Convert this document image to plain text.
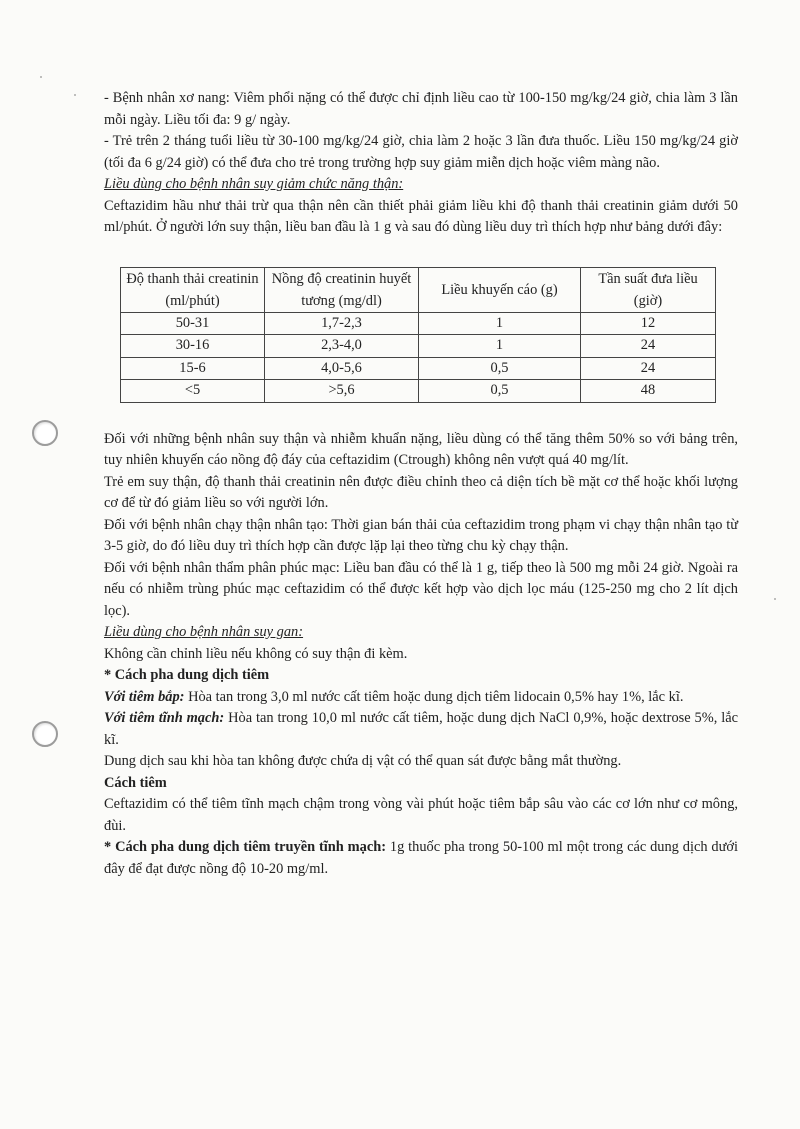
- Bệnh nhân xơ nang: Viêm phổi nặng có thể được chỉ định liều cao từ 100-150 mg/kg/24 giờ, chia làm 3 lần mỗi ngày. Liều tối đa: 9 g/ ngày.

- Trẻ trên 2 tháng tuổi liều từ 30-100 mg/kg/24 giờ, chia làm 2 hoặc 3 lần đưa thuốc. Liều 150 mg/kg/24 giờ (tối đa 6 g/24 giờ) có thể đưa cho trẻ trong trường hợp suy giảm miễn dịch hoặc viêm màng não.

Liều dùng cho bệnh nhân suy giảm chức năng thận:

Ceftazidim hầu như thải trừ qua thận nên cần thiết phải giảm liều khi độ thanh thải creatinin giảm dưới 50 ml/phút. Ở người lớn suy thận, liều ban đầu là 1 g và sau đó dùng liều duy trì thích hợp như bảng dưới đây:

Độ thanh thải creatinin (ml/phút)	Nồng độ creatinin huyết tương (mg/dl)	Liều khuyến cáo (g)	Tần suất đưa liều (giờ)
50-31	1,7-2,3	1	12
30-16	2,3-4,0	1	24
15-6	4,0-5,6	0,5	24
<5	>5,6	0,5	48

Đối với những bệnh nhân suy thận và nhiễm khuẩn nặng, liều dùng có thể tăng thêm 50% so với bảng trên, tuy nhiên khuyến cáo nồng độ đáy của ceftazidim (Ctrough) không nên vượt quá 40 mg/lít.

Trẻ em suy thận, độ thanh thải creatinin nên được điều chỉnh theo cả diện tích bề mặt cơ thể hoặc khối lượng cơ để từ đó giảm liều so với người lớn.

Đối với bệnh nhân chạy thận nhân tạo: Thời gian bán thải của ceftazidim trong phạm vi chạy thận nhân tạo từ 3-5 giờ, do đó liều duy trì thích hợp cần được lặp lại theo từng chu kỳ chạy thận.

Đối với bệnh nhân thẩm phân phúc mạc: Liều ban đầu có thể là 1 g, tiếp theo là 500 mg mỗi 24 giờ. Ngoài ra nếu có nhiễm trùng phúc mạc ceftazidim có thể được kết hợp vào dịch lọc máu (125-250 mg cho 2 lít dịch lọc).

Liều dùng cho bệnh nhân suy gan:

Không cần chỉnh liều nếu không có suy thận đi kèm.

* Cách pha dung dịch tiêm

Với tiêm bắp: Hòa tan trong 3,0 ml nước cất tiêm hoặc dung dịch tiêm lidocain 0,5% hay 1%, lắc kĩ.

Với tiêm tĩnh mạch: Hòa tan trong 10,0 ml nước cất tiêm, hoặc dung dịch NaCl 0,9%, hoặc dextrose 5%, lắc kĩ.

Dung dịch sau khi hòa tan không được chứa dị vật có thể quan sát được bằng mắt thường.

Cách tiêm

Ceftazidim có thể tiêm tĩnh mạch chậm trong vòng vài phút hoặc tiêm bắp sâu vào các cơ lớn như cơ mông, đùi.

* Cách pha dung dịch tiêm truyền tĩnh mạch: 1g thuốc pha trong 50-100 ml một trong các dung dịch dưới đây để đạt được nồng độ 10-20 mg/ml.
